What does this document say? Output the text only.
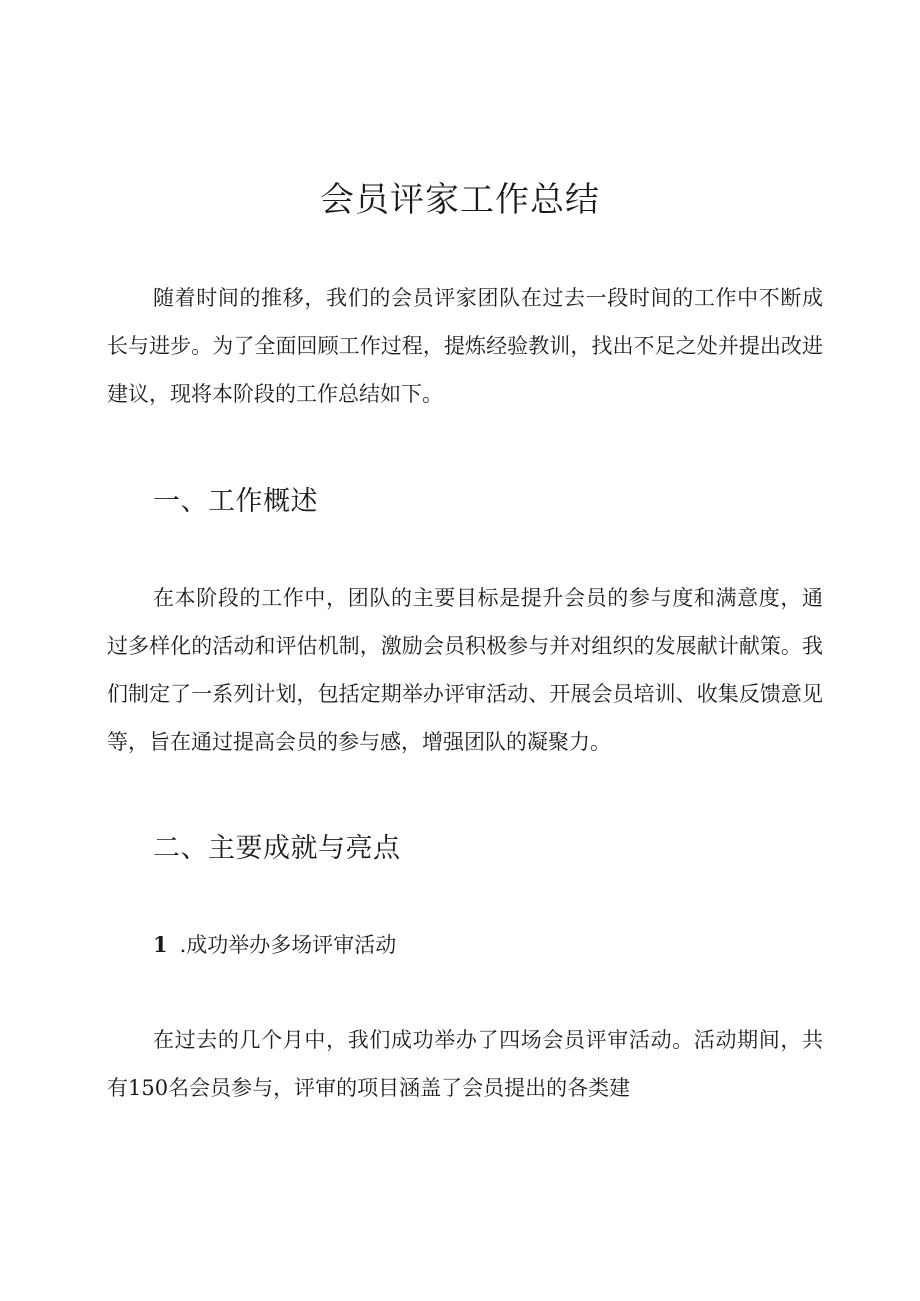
会员评家工作总结

随着时间的推移，我们的会员评家团队在过去一段时间的工作中不断成长与进步。为了全面回顾工作过程，提炼经验教训，找出不足之处并提出改进建议，现将本阶段的工作总结如下。

一、工作概述

在本阶段的工作中，团队的主要目标是提升会员的参与度和满意度，通过多样化的活动和评估机制，激励会员积极参与并对组织的发展献计献策。我们制定了一系列计划，包括定期举办评审活动、开展会员培训、收集反馈意见等，旨在通过提高会员的参与感，增强团队的凝聚力。

二、主要成就与亮点
1 .成功举办多场评审活动

在过去的几个月中，我们成功举办了四场会员评审活动。活动期间，共有150名会员参与，评审的项目涵盖了会员提出的各类建
